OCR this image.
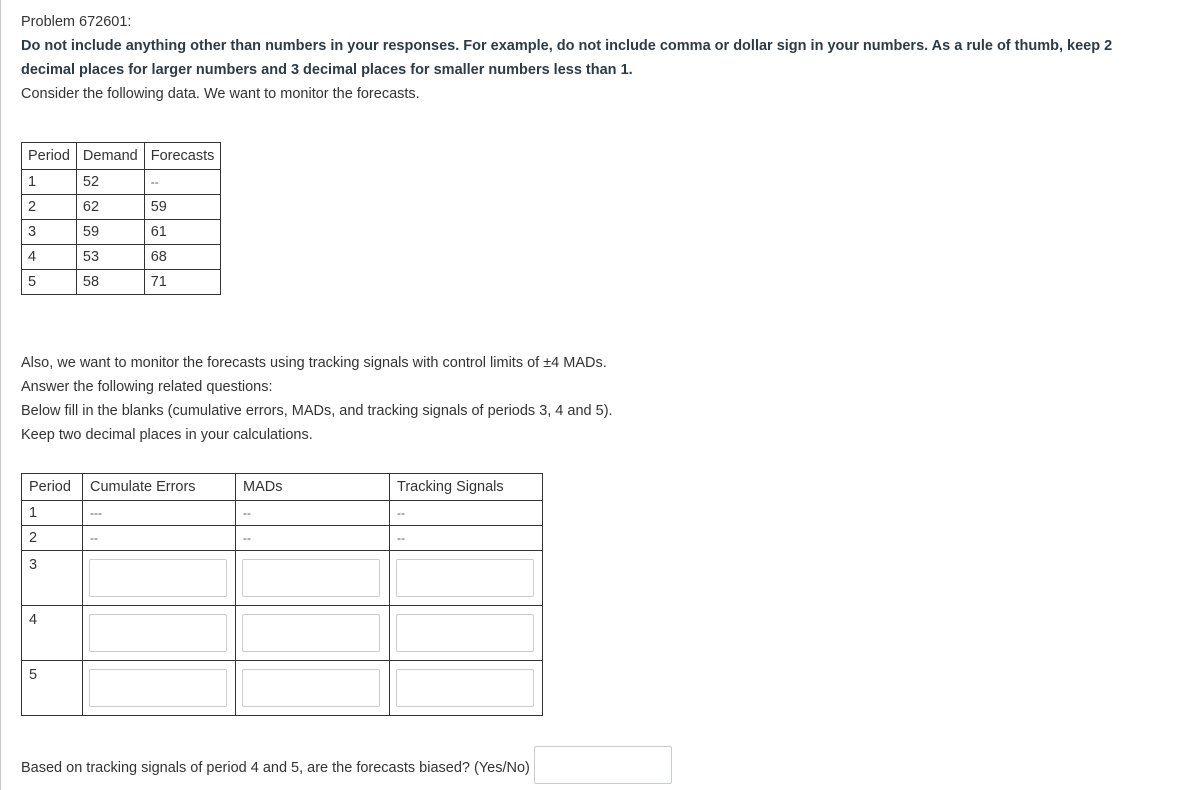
Problem 672601:
Do not include anything other than numbers in your responses. For example, do not include comma or dollar sign in your numbers. As a rule of thumb, keep 2 decimal places for larger numbers and 3 decimal places for smaller numbers less than 1.
Consider the following data. We want to monitor the forecasts.
Period	Demand	Forecasts
1	52	--
2	62	59
3	59	61
4	53	68
5	58	71
Also, we want to monitor the forecasts using tracking signals with control limits of ±4 MADs.
Answer the following related questions:
Below fill in the blanks (cumulative errors, MADs, and tracking signals of periods 3, 4 and 5).
Keep two decimal places in your calculations.
Period	Cumulate Errors	MADs	Tracking Signals
1	---	--	--
2	--	--	--
3	

4	

5	

Based on tracking signals of period 4 and 5, are the forecasts biased? (Yes/No)
